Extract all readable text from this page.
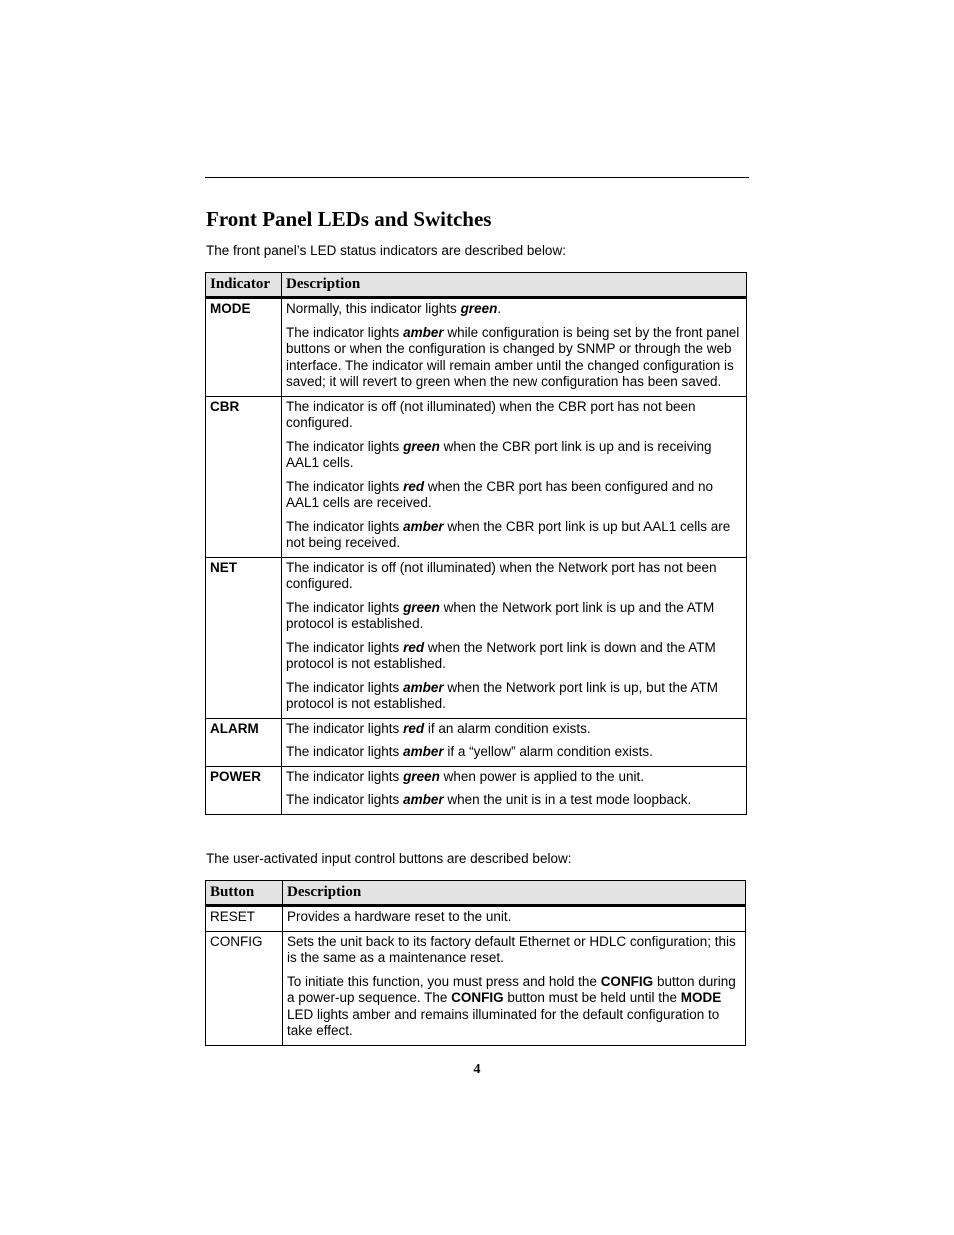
Front Panel LEDs and Switches

The front panel’s LED status indicators are described below:

Indicator	Description
MODE	Normally, this indicator lights green.

The indicator lights amber while configuration is being set by the front panel buttons or when the configuration is changed by SNMP or through the web interface. The indicator will remain amber until the changed configuration is saved; it will revert to green when the new configuration has been saved.

CBR	The indicator is off (not illuminated) when the CBR port has not been configured.

The indicator lights green when the CBR port link is up and is receiving AAL1 cells.

The indicator lights red when the CBR port has been configured and no AAL1 cells are received.

The indicator lights amber when the CBR port link is up but AAL1 cells are not being received.

NET	The indicator is off (not illuminated) when the Network port has not been configured.

The indicator lights green when the Network port link is up and the ATM protocol is established.

The indicator lights red when the Network port link is down and the ATM protocol is not established.

The indicator lights amber when the Network port link is up, but the ATM protocol is not established.

ALARM	The indicator lights red if an alarm condition exists.

The indicator lights amber if a “yellow” alarm condition exists.

POWER	The indicator lights green when power is applied to the unit.

The indicator lights amber when the unit is in a test mode loopback.

The user-activated input control buttons are described below:

Button	Description
RESET	Provides a hardware reset to the unit.

CONFIG	Sets the unit back to its factory default Ethernet or HDLC configuration; this is the same as a maintenance reset.

To initiate this function, you must press and hold the CONFIG button during a power-up sequence. The CONFIG button must be held until the MODE LED lights amber and remains illuminated for the default configuration to take effect.

4
